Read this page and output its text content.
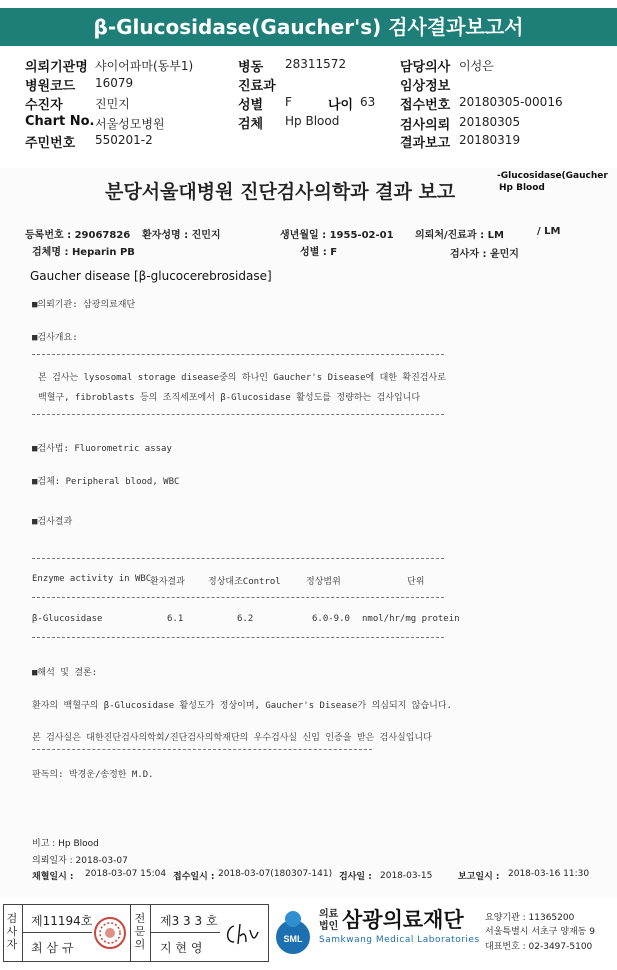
β-Glucosidase(Gaucher's) 검사결과보고서
의뢰기관명 샤이어파마(동부1)
병원코드 16079
수진자	진민지
Chart No. 서울성모병원
주민번호 550201-2
병동 28311572
진료과
성별 F	나이 63
검체 Hp Blood
담당의사 이성은
임상정보
접수번호 20180305-00016
검사의뢰 20180305
결과보고 20180319
분당서울대병원 진단검사의학과 결과 보고
-Glucosidase(Gaucher
Hp Blood
등록번호 : 29067826 환자성명 : 진민지	생년월일 : 1955-02-01 의뢰처/진료과 : LM	/ LM
검체명 : Heparin PB	성별 : F	검사자 : 윤민지
Gaucher disease [β-glucocerebrosidase]
■의뢰기관: 삼광의료재단
■검사개요:
본 검사는 lysosomal storage disease중의 하나인 Gaucher's Disease에 대한 확진검사로
백혈구, fibroblasts 등의 조직세포에서 β-Glucosidase 활성도를 정량하는 검사입니다
■검사법: Fluorometric assay
■검체: Peripheral blood, WBC
■검사결과
Enzyme activity in WBC
환자결과	정상대조Control	정상범위	단위
β-Glucosidase	6.1	6.2	6.0-9.0 nmol/hr/mg protein
■해석 및 결론:
환자의 백혈구의 β-Glucosidase 활성도가 정상이며, Gaucher's Disease가 의심되지 않습니다.
본 검사실은 대한진단검사의학회/진단검사의학재단의 우수검사실 신임 인증을 받은 검사실입니다
판독의: 박경운/송정한 M.D.
비고 : Hp Blood
의뢰일자 : 2018-03-07
채혈일시 : 2018-03-07 15:04 접수일시 : 2018-03-07(180307-141) 검사일 : 2018-03-15	보고일시 : 2018-03-16 11:30
검
사
자
제11194호
최 삼 규
전
문
의
제3 3 3 호
지 현 영
SML
의료
법인 삼광의료재단
Samkwang Medical Laboratories
요양기관 : 11365200
서울특별시 서초구 양재동 9
대표번호 : 02-3497-5100
